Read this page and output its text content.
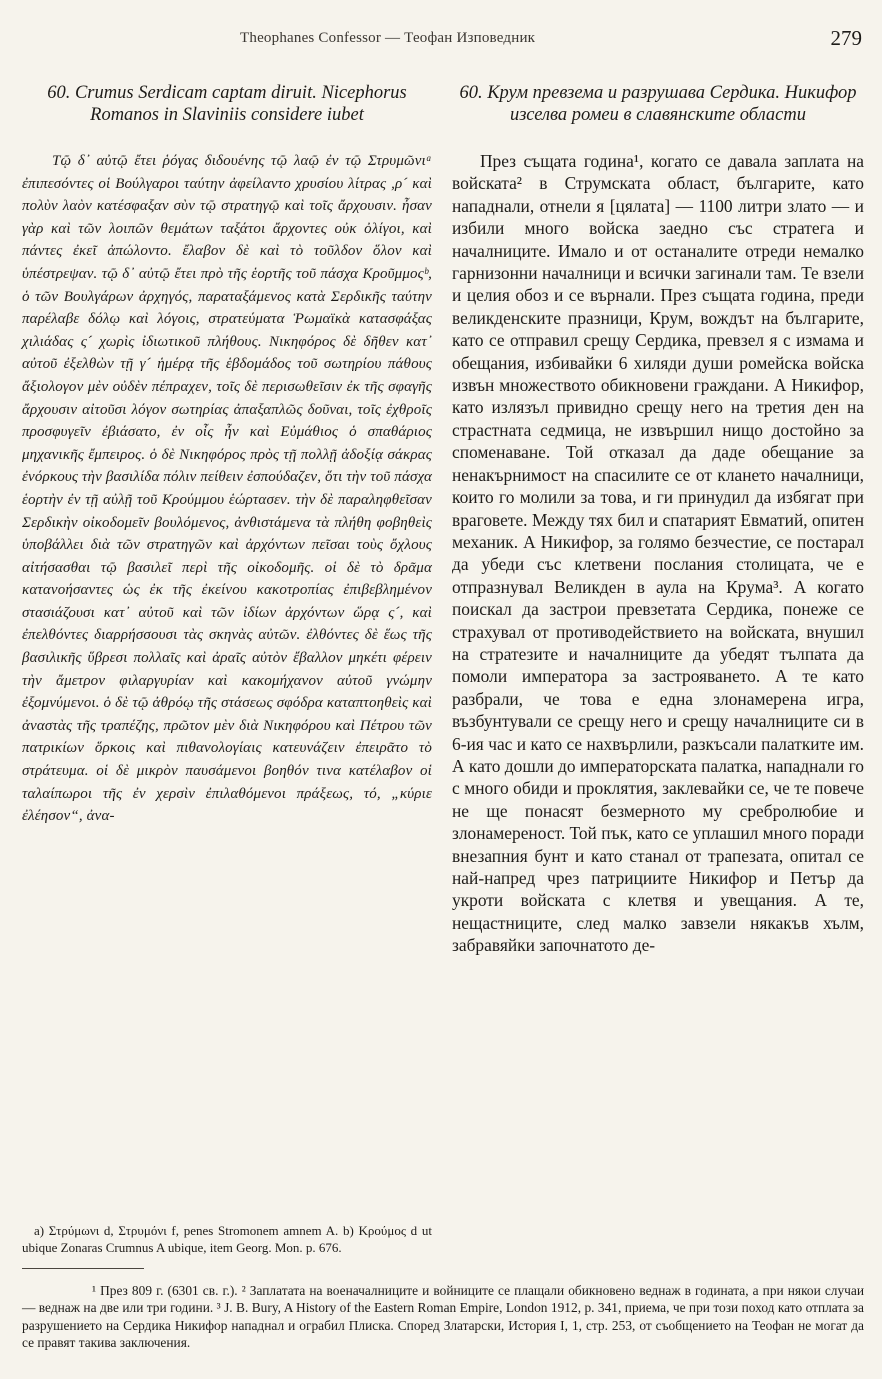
Theophanes Confessor — Теофан Изповедник	279
60. Crumus Serdicam captam diruit. Nicephorus Romanos in Slaviniis considere iubet

Τῷ δ᾽ αὐτῷ ἔτει ῥόγας διδουένης τῷ λαῷ ἐν τῷ Στρυμῶνιᵃ ἐπιπεσόντες οἱ Βούλγαροι ταύτην ἀφείλαντο χρυσίου λίτρας ,ρ´ καὶ πολὺν λαὸν κατέσφαξαν σὺν τῷ στρατηγῷ καὶ τοῖς ἄρχουσιν. ἦσαν γὰρ καὶ τῶν λοιπῶν θεμάτων ταξάτοι ἄρχοντες οὐκ ὀλίγοι, καὶ πάντες ἐκεῖ ἀπώλοντο. ἔλαβον δὲ καὶ τὸ τοῦλδον ὅλον καὶ ὑπέστρεψαν. τῷ δ᾽ αὐτῷ ἔτει πρὸ τῆς ἑορτῆς τοῦ πάσχα Κροῦμμοςᵇ, ὁ τῶν Βουλγάρων ἀρχηγός, παραταξάμενος κατὰ Σερδικῆς ταύτην παρέλαβε δόλῳ καὶ λόγοις, στρατεύματα Ῥωμαϊκὰ κατασφάξας χιλιάδας ς´ χωρὶς ἰδιωτικοῦ πλήθους. Νικηφόρος δὲ δῆθεν κατ᾽ αὐτοῦ ἐξελθὼν τῇ γ´ ἡμέρᾳ τῆς ἑβδομάδος τοῦ σωτηρίου πάθους ἄξιολογον μὲν οὐδὲν πέπραχεν, τοῖς δὲ περισωθεῖσιν ἐκ τῆς σφαγῆς ἄρχουσιν αἰτοῦσι λόγον σωτηρίας ἀπαξαπλῶς δοῦναι, τοῖς ἐχθροῖς προσφυγεῖν ἐβιάσατο, ἐν οἷς ἦν καὶ Εὐμάθιος ὁ σπαθάριος μηχανικῆς ἔμπειρος. ὁ δὲ Νικηφόρος πρὸς τῇ πολλῇ ἀδοξίᾳ σάκρας ἐνόρκους τὴν βασιλίδα πόλιν πείθειν ἐσπούδαζεν, ὅτι τὴν τοῦ πάσχα ἑορτὴν ἐν τῇ αὐλῇ τοῦ Κρούμμου ἑώρτασεν. τὴν δὲ παραληφθεῖσαν Σερδικὴν οἰκοδομεῖν βουλόμενος, ἀνθιστάμενα τὰ πλήθη φοβηθεὶς ὑποβάλλει διὰ τῶν στρατηγῶν καὶ ἀρχόντων πεῖσαι τοὺς ὄχλους αἰτήσασθαι τῷ βασιλεῖ περὶ τῆς οἰκοδομῆς. οἱ δὲ τὸ δρᾶμα κατανοήσαντες ὡς ἐκ τῆς ἐκείνου κακοτροπίας ἐπιβεβλημένον στασιάζουσι κατ᾽ αὐτοῦ καὶ τῶν ἰδίων ἀρχόντων ὥρᾳ ς´, καὶ ἐπελθόντες διαρρήσσουσι τὰς σκηνὰς αὐτῶν. ἐλθόντες δὲ ἕως τῆς βασιλικῆς ὕβρεσι πολλαῖς καὶ ἀραῖς αὐτὸν ἔβαλλον μηκέτι φέρειν τὴν ἄμετρον φιλαργυρίαν καὶ κακομήχανον αὐτοῦ γνώμην ἐξομνύμενοι. ὁ δὲ τῷ ἀθρόῳ τῆς στάσεως σφόδρα καταπτοηθεὶς καὶ ἀναστὰς τῆς τραπέζης, πρῶτον μὲν διὰ Νικηφόρου καὶ Πέτρου τῶν πατρικίων ὅρκοις καὶ πιθανολογίαις κατευνάζειν ἐπειρᾶτο τὸ στράτευμα. οἱ δὲ μικρὸν παυσάμενοι βοηθόν τινα κατέλαβον οἱ ταλαίπωροι τῆς ἐν χερσὶν ἐπιλαθόμενοι πράξεως, τό, „κύριε ἐλέησον“, ἀνα-

60. Крум превзема и разрушава Сердика. Никифор изселва ромеи в славянските области

През същата година¹, когато се давала заплата на войската² в Струмската област, българите, като нападнали, отнели я [цялата] — 1100 литри злато — и избили много войска заедно със стратега и началниците. Имало и от останалите отреди немалко гарнизонни началници и всички загинали там. Те взели и целия обоз и се върнали. През същата година, преди великденските празници, Крум, вождът на българите, като се отправил срещу Сердика, превзел я с измама и обещания, избивайки 6 хиляди души ромейска войска извън множеството обикновени граждани. А Никифор, като излязъл привидно срещу него на третия ден на страстната седмица, не извършил нищо достойно за споменаване. Той отказал да даде обещание за ненакърнимост на спасилите се от клането началници, които го молили за това, и ги принудил да избягат при враговете. Между тях бил и спатарият Евматий, опитен механик. А Никифор, за голямо безчестие, се постарал да убеди със клетвени послания столицата, че е отпразнувал Великден в аула на Крума³. А когато поискал да застрои превзетата Сердика, понеже се страхувал от противодействието на войската, внушил на стратезите и началниците да убедят тълпата да помоли императора за застрояването. А те като разбрали, че това е една злонамерена игра, възбунтували се срещу него и срещу началниците си в 6-ия час и като се нахвърлили, разкъсали палатките им. А като дошли до императорската палатка, нападнали го с много обиди и проклятия, заклевайки се, че те повече не ще понасят безмерното му сребролюбие и злонамереност. Той пък, като се уплашил много поради внезапния бунт и като станал от трапезата, опитал се най-напред чрез патрициите Никифор и Петър да укроти войската с клетвя и увещания. А те, нещастниците, след малко завзели някакъв хълм, забравяйки започнатото де-

a) Στρύμωνι d, Στρυμόνι f, penes Stromonem amnem A. b) Κρούμος d ut ubique Zonaras Crumnus A ubique, item Georg. Mon. p. 676.
¹ През 809 г. (6301 св. г.). ² Заплатата на военачалниците и войниците се плащали обикновено веднаж в годината, а при някои случаи — веднаж на две или три години. ³ J. B. Bury, A History of the Eastern Roman Empire, London 1912, p. 341, приема, че при този поход като отплата за разрушението на Сердика Никифор нападнал и ограбил Плиска. Според Златарски, История I, 1, стр. 253, от съобщението на Теофан не могат да се правят такива заключения.
